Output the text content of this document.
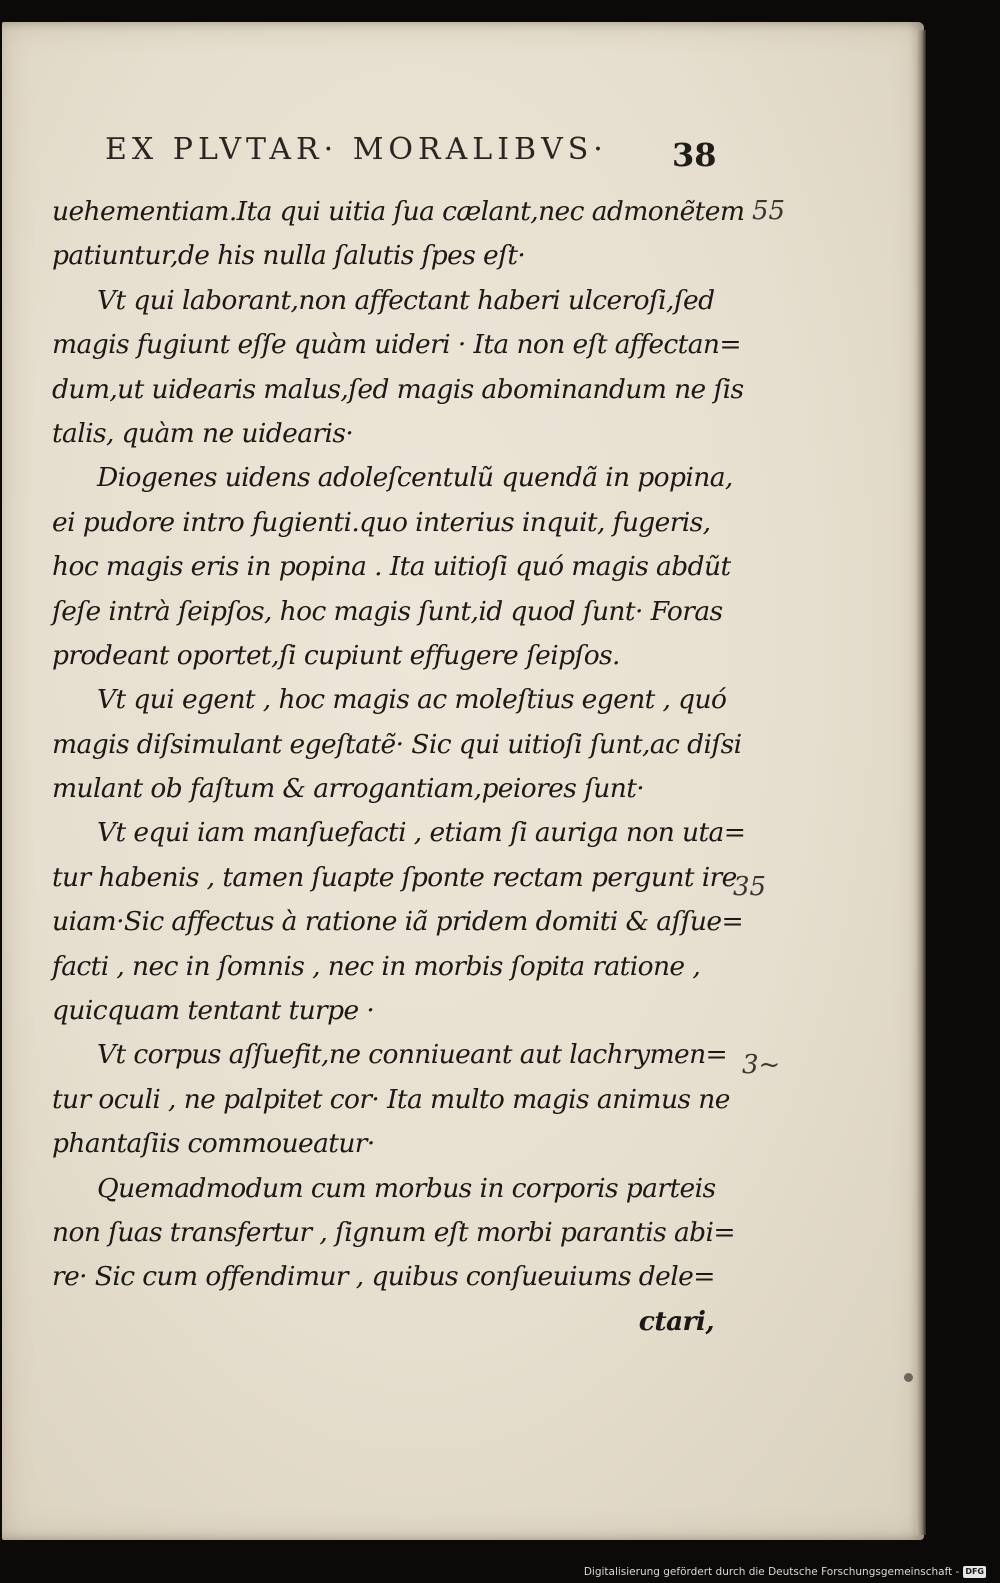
EX PLVTAR· MORALIBVS·	38
uehementiam.Ita qui uitia ſua cælant,nec admonẽtem
patiuntur,de his nulla ſalutis ſpes eſt·
Vt qui laborant,non affectant haberi ulceroſi,ſed
magis fugiunt eſſe quàm uideri · Ita non eſt affectan=
dum,ut uidearis malus,ſed magis abominandum ne ſis
talis, quàm ne uidearis·
Diogenes uidens adoleſcentulũ quendã in popina,
ei pudore intro fugienti.quo interius inquit, fugeris,
hoc magis eris in popina . Ita uitioſi quó magis abdũt
ſeſe intrà ſeipſos, hoc magis ſunt,id quod ſunt· Foras
prodeant oportet,ſi cupiunt effugere ſeipſos.
Vt qui egent , hoc magis ac moleſtius egent , quó
magis diſsimulant egeſtatẽ· Sic qui uitioſi ſunt,ac diſsi
mulant ob faſtum & arrogantiam,peiores ſunt·
Vt equi iam manſuefacti , etiam ſi auriga non uta=
tur habenis , tamen ſuapte ſponte rectam pergunt ire
uiam·Sic affectus à ratione iã pridem domiti & aſſue=
facti , nec in ſomnis , nec in morbis ſopita ratione ,
quicquam tentant turpe ·
Vt corpus aſſuefit,ne conniueant aut lachrymen=
tur oculi , ne palpitet cor· Ita multo magis animus ne
phantaſiis commoueatur·
Quemadmodum cum morbus in corporis parteis
non ſuas transfertur , ſignum eſt morbi parantis abi=
re· Sic cum offendimur , quibus conſueuiums dele=
ctari,
55
35
3~
Digitalisierung gefördert durch die Deutsche Forschungsgemeinschaft - DFG
